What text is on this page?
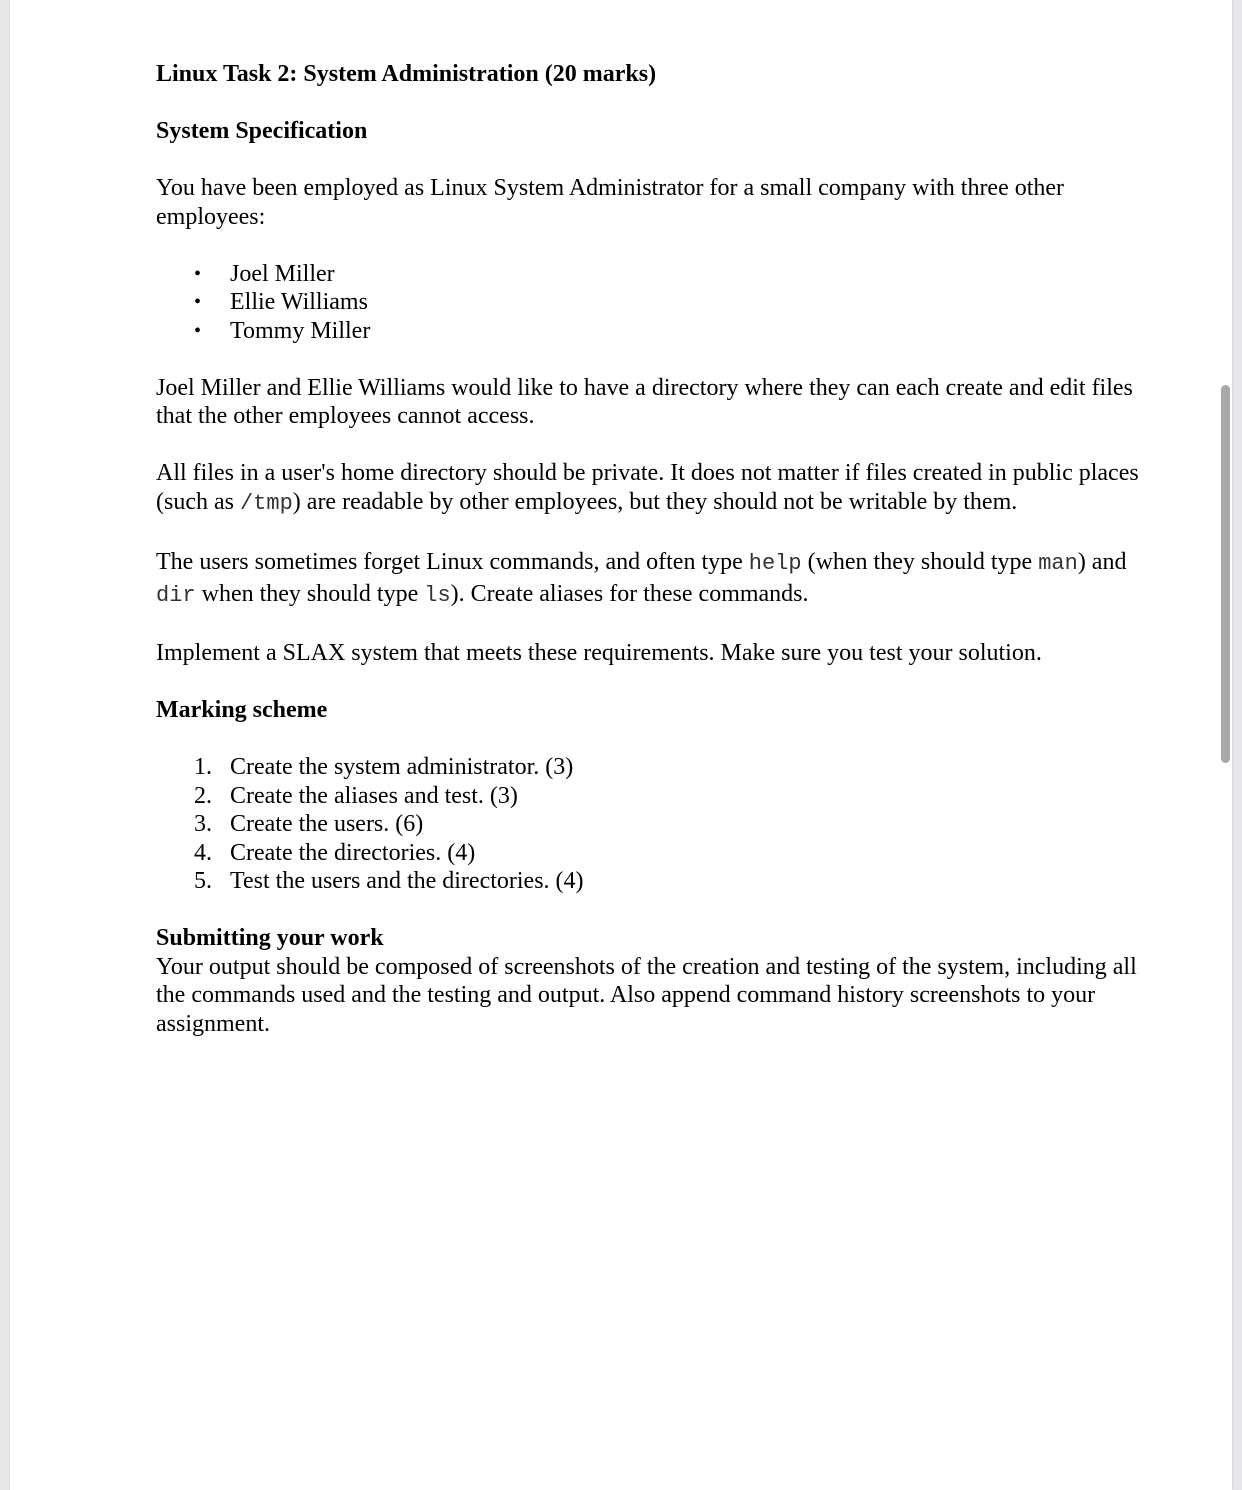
Linux Task 2: System Administration (20 marks)

System Specification

You have been employed as Linux System Administrator for a small company with three other employees:

• Joel Miller
• Ellie Williams
• Tommy Miller

Joel Miller and Ellie Williams would like to have a directory where they can each create and edit files that the other employees cannot access.

All files in a user's home directory should be private. It does not matter if files created in public places (such as /tmp) are readable by other employees, but they should not be writable by them.

The users sometimes forget Linux commands, and often type help (when they should type man) and dir when they should type ls). Create aliases for these commands.

Implement a SLAX system that meets these requirements. Make sure you test your solution.

Marking scheme

1. Create the system administrator. (3)
2. Create the aliases and test. (3)
3. Create the users. (6)
4. Create the directories. (4)
5. Test the users and the directories. (4)

Submitting your work

Your output should be composed of screenshots of the creation and testing of the system, including all the commands used and the testing and output. Also append command history screenshots to your assignment.
